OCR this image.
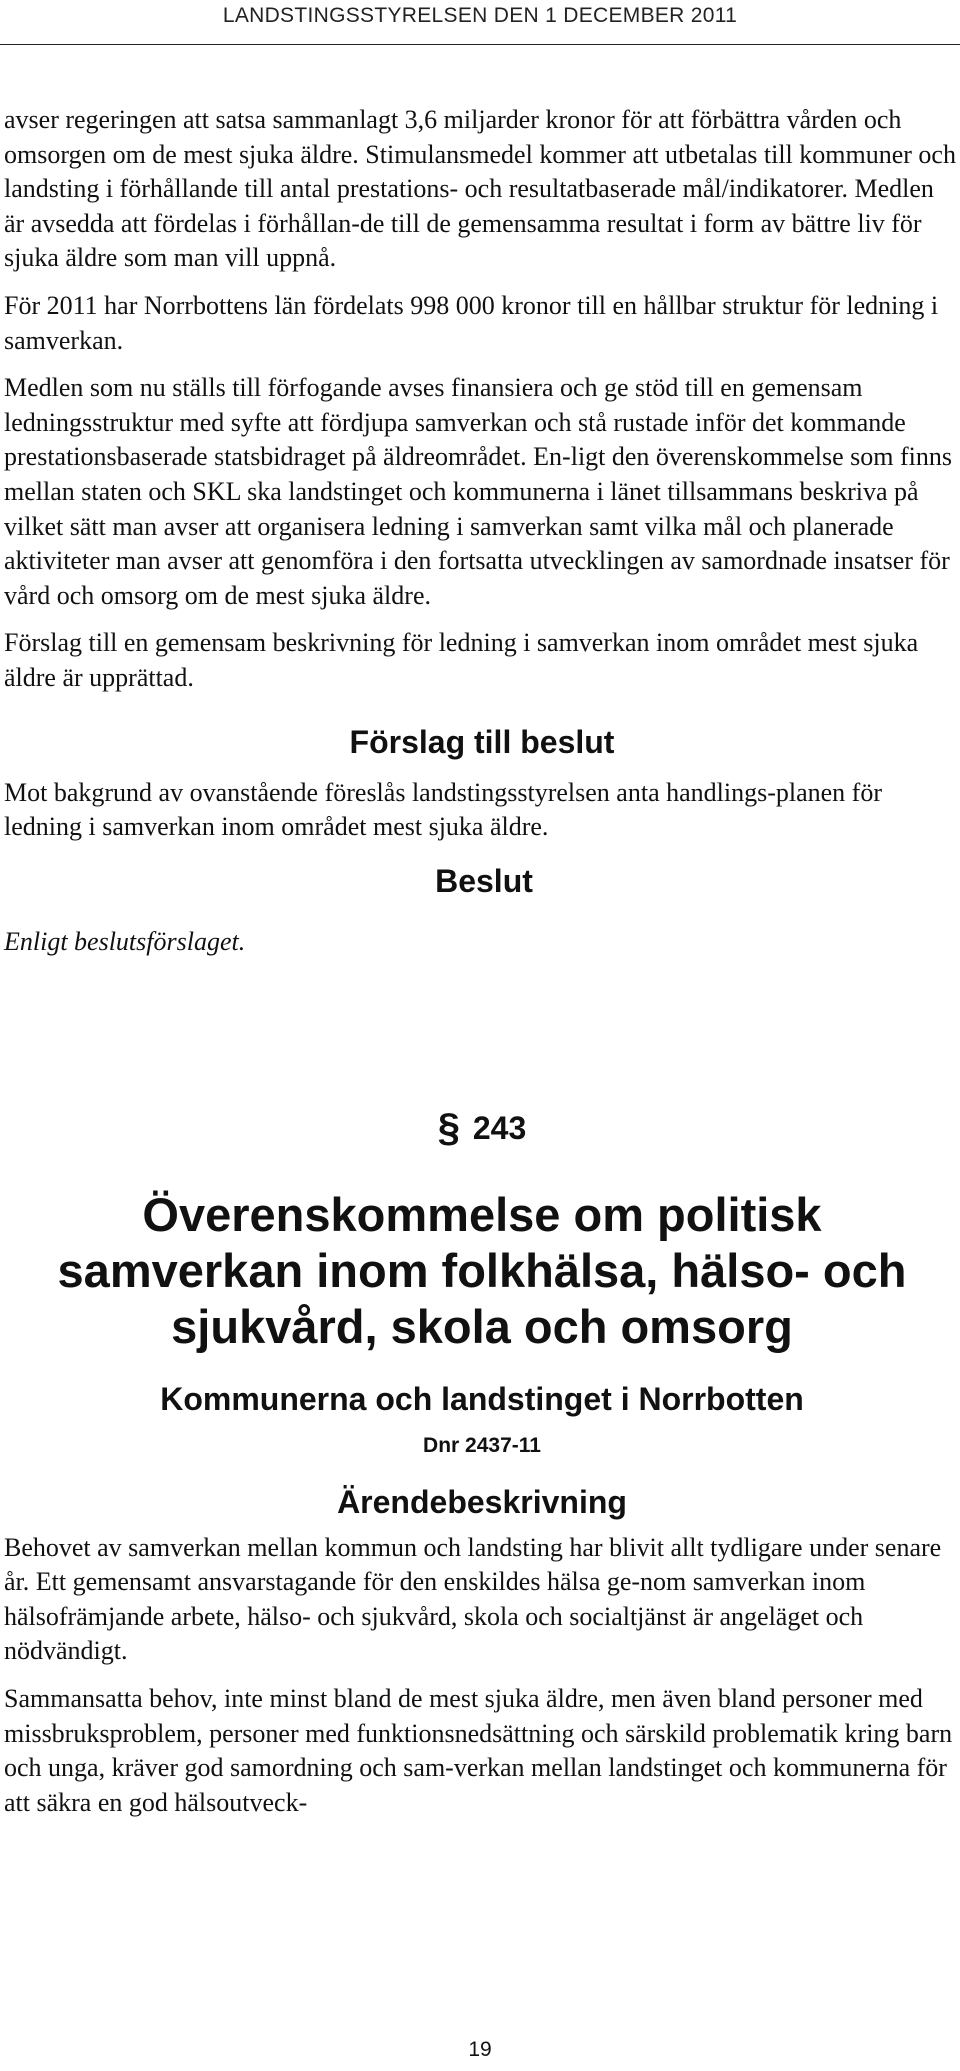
LANDSTINGSSTYRELSEN DEN 1 DECEMBER 2011

avser regeringen att satsa sammanlagt 3,6 miljarder kronor för att förbättra vården och omsorgen om de mest sjuka äldre. Stimulansmedel kommer att utbetalas till kommuner och landsting i förhållande till antal prestations- och resultatbaserade mål/indikatorer. Medlen är avsedda att fördelas i förhållan-de till de gemensamma resultat i form av bättre liv för sjuka äldre som man vill uppnå.

För 2011 har Norrbottens län fördelats 998 000 kronor till en hållbar struktur för ledning i samverkan.

Medlen som nu ställs till förfogande avses finansiera och ge stöd till en gemensam ledningsstruktur med syfte att fördjupa samverkan och stå rustade inför det kommande prestationsbaserade statsbidraget på äldreområdet. En-ligt den överenskommelse som finns mellan staten och SKL ska landstinget och kommunerna i länet tillsammans beskriva på vilket sätt man avser att organisera ledning i samverkan samt vilka mål och planerade aktiviteter man avser att genomföra i den fortsatta utvecklingen av samordnade insatser för vård och omsorg om de mest sjuka äldre.

Förslag till en gemensam beskrivning för ledning i samverkan inom området mest sjuka äldre är upprättad.

Förslag till beslut

Mot bakgrund av ovanstående föreslås landstingsstyrelsen anta handlings-planen för ledning i samverkan inom området mest sjuka äldre.

Beslut
Enligt beslutsförslaget.
§ 243
Överenskommelse om politisk
samverkan inom folkhälsa, hälso- och
sjukvård, skola och omsorg
Kommunerna och landstinget i Norrbotten
Dnr 2437-11
Ärendebeskrivning

Behovet av samverkan mellan kommun och landsting har blivit allt tydligare under senare år. Ett gemensamt ansvarstagande för den enskildes hälsa ge-nom samverkan inom hälsofrämjande arbete, hälso- och sjukvård, skola och socialtjänst är angeläget och nödvändigt.

Sammansatta behov, inte minst bland de mest sjuka äldre, men även bland personer med missbruksproblem, personer med funktionsnedsättning och särskild problematik kring barn och unga, kräver god samordning och sam-verkan mellan landstinget och kommunerna för att säkra en god hälsoutveck-

19
